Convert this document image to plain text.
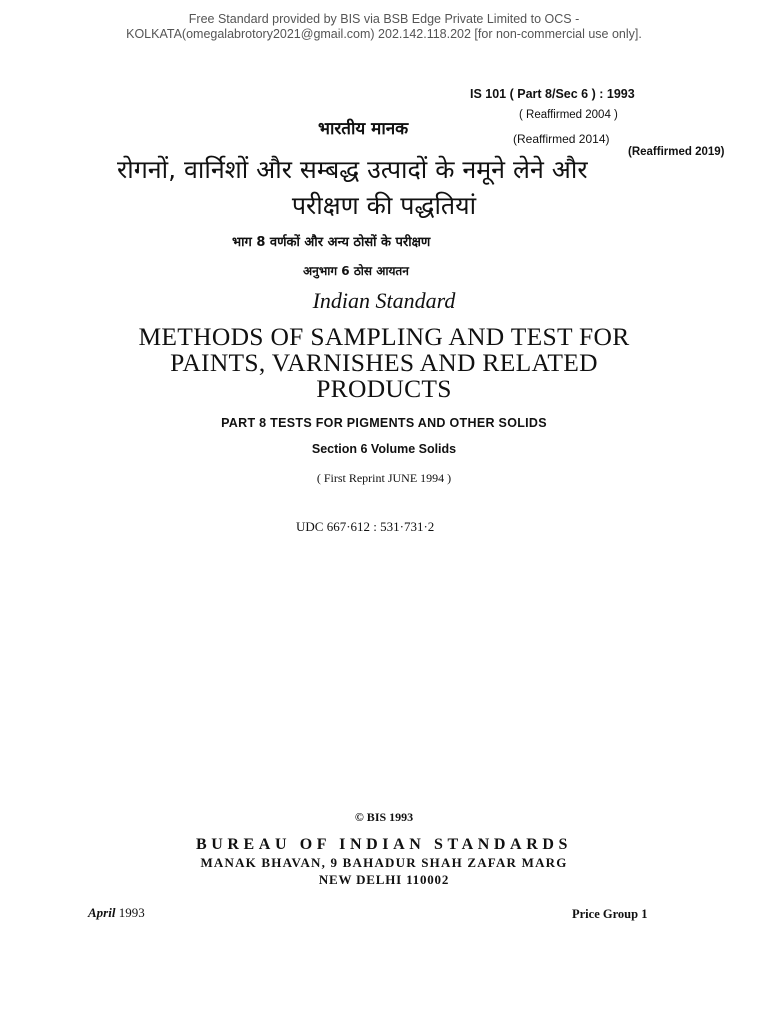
Free Standard provided by BIS via BSB Edge Private Limited to OCS -
KOLKATA(omegalabrotory2021@gmail.com) 202.142.118.202 [for non-commercial use only].
IS 101 ( Part 8/Sec 6 ) : 1993
( Reaffirmed 2004 )
(Reaffirmed 2014)
(Reaffirmed 2019)
भारतीय मानक
रोगनों, वार्निशों और सम्बद्ध उत्पादों के नमूने लेने और
परीक्षण की पद्धतियां
भाग 8 वर्णकों और अन्य ठोसों के परीक्षण
अनुभाग 6 ठोस आयतन
Indian Standard
METHODS OF SAMPLING AND TEST FOR
PAINTS, VARNISHES AND RELATED
PRODUCTS
PART 8 TESTS FOR PIGMENTS AND OTHER SOLIDS
Section 6 Volume Solids
( First Reprint JUNE 1994 )
UDC 667·612 : 531·731·2
© BIS 1993
BUREAU OF INDIAN STANDARDS
MANAK BHAVAN, 9 BAHADUR SHAH ZAFAR MARG
NEW DELHI 110002
April 1993	Price Group 1
